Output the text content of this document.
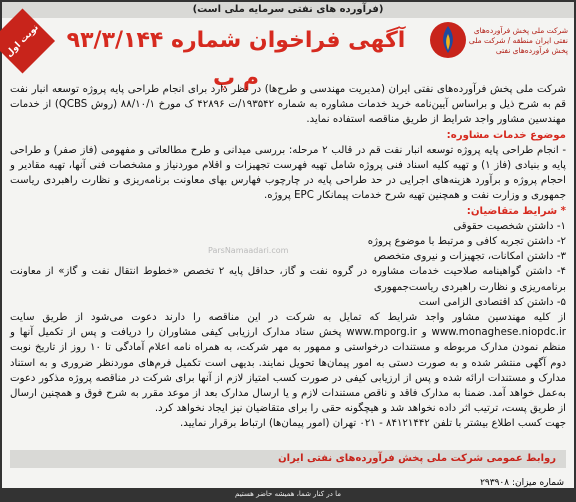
(فرآورده های نفتی سرمایه ملی است)
نوبت اول	آگهی فراخوان شماره ۹۳/۳/۱۴۴ م پ
شرکت ملی پخش فرآورده‌های نفتی ایران منطقه / شرکت ملی پخش فرآورده‌های نفتی
شرکت ملی پخش فرآورده‌های نفتی ایران (مدیریت مهندسی و طرح‌ها) در نظر دارد برای انجام طراحی پایه پروژه توسعه انبار نفت قم به شرح ذیل و براساس آیین‌نامه خرید خدمات مشاوره به شماره ۱۹۳۵۴۲/ت ۴۲۸۹۶ ک مورخ ۸۸/۱۰/۱ (روش QCBS) از خدمات مهندسین مشاور واجد شرایط از طریق مناقصه استفاده نماید.
موضوع خدمات مشاوره:
- انجام طراحی پایه پروژه توسعه انبار نفت قم در قالب ۲ مرحله: بررسی میدانی و طرح مطالعاتی و مفهومی (فاز صفر) و طراحی پایه و بنیادی (فاز ۱) و تهیه کلیه اسناد فنی پروژه شامل تهیه فهرست تجهیزات و اقلام موردنیاز و مشخصات فنی آنها، تهیه مقادیر و احجام پروژه و برآورد هزینه‌های اجرایی در حد طراحی پایه در چارچوب فهارس بهای معاونت برنامه‌ریزی و نظارت راهبردی ریاست جمهوری و وزارت نفت و همچنین تهیه شرح خدمات پیمانکار EPC پروژه.
* شرایط متقاضیان:
۱- داشتن شخصیت حقوقی
۲- داشتن تجربه کافی و مرتبط با موضوع پروژه
۳- داشتن امکانات، تجهیزات و نیروی متخصص
۴- داشتن گواهینامه صلاحیت خدمات مشاوره در گروه نفت و گاز، حداقل پایه ۲ تخصص «خطوط انتقال نفت و گاز» از معاونت برنامه‌ریزی و نظارت راهبردی ریاست‌جمهوری
۵- داشتن کد اقتصادی الزامی است
از کلیه مهندسین مشاور واجد شرایط که تمایل به شرکت در این مناقصه را دارند دعوت می‌شود از طریق سایت www.monaghese.niopdc.ir و www.mporg.ir پخش ستاد مدارک ارزیابی کیفی مشاوران را دریافت و پس از تکمیل آنها و منظم نمودن مدارک مربوطه و مستندات درخواستی و ممهور به مهر شرکت، به همراه نامه اعلام آمادگی تا ۱۰ روز از تاریخ نوبت دوم آگهی منتشر شده و به صورت دستی به امور پیمان‌ها تحویل نمایند. بدیهی است تکمیل فرم‌های موردنظر ضروری و به استناد مدارک و مستندات ارائه شده و پس از ارزیابی کیفی در صورت کسب امتیاز لازم از آنها برای شرکت در مناقصه پروژه مذکور دعوت به‌عمل خواهد آمد. ضمنا به مدارک فاقد و ناقص مستندات لازم و یا ارسال مدارک بعد از موعد مقرر به شرح فوق و همچنین ارسال از طریق پست، ترتیب اثر داده نخواهد شد و هیچگونه حقی را برای متقاضیان نیز ایجاد نخواهد کرد.
جهت کسب اطلاع بیشتر با تلفن ۸۴۱۲۱۴۴۲ - ۰۲۱ تهران (امور پیمان‌ها) ارتباط برقرار نمایید.
ParsNamaadari.com
روابط عمومی شرکت ملی پخش فرآورده‌های نفتی ایران
شماره میزان: ۲۹۳۹۰۸
ما در کنار شما، همیشه حاضر هستیم
